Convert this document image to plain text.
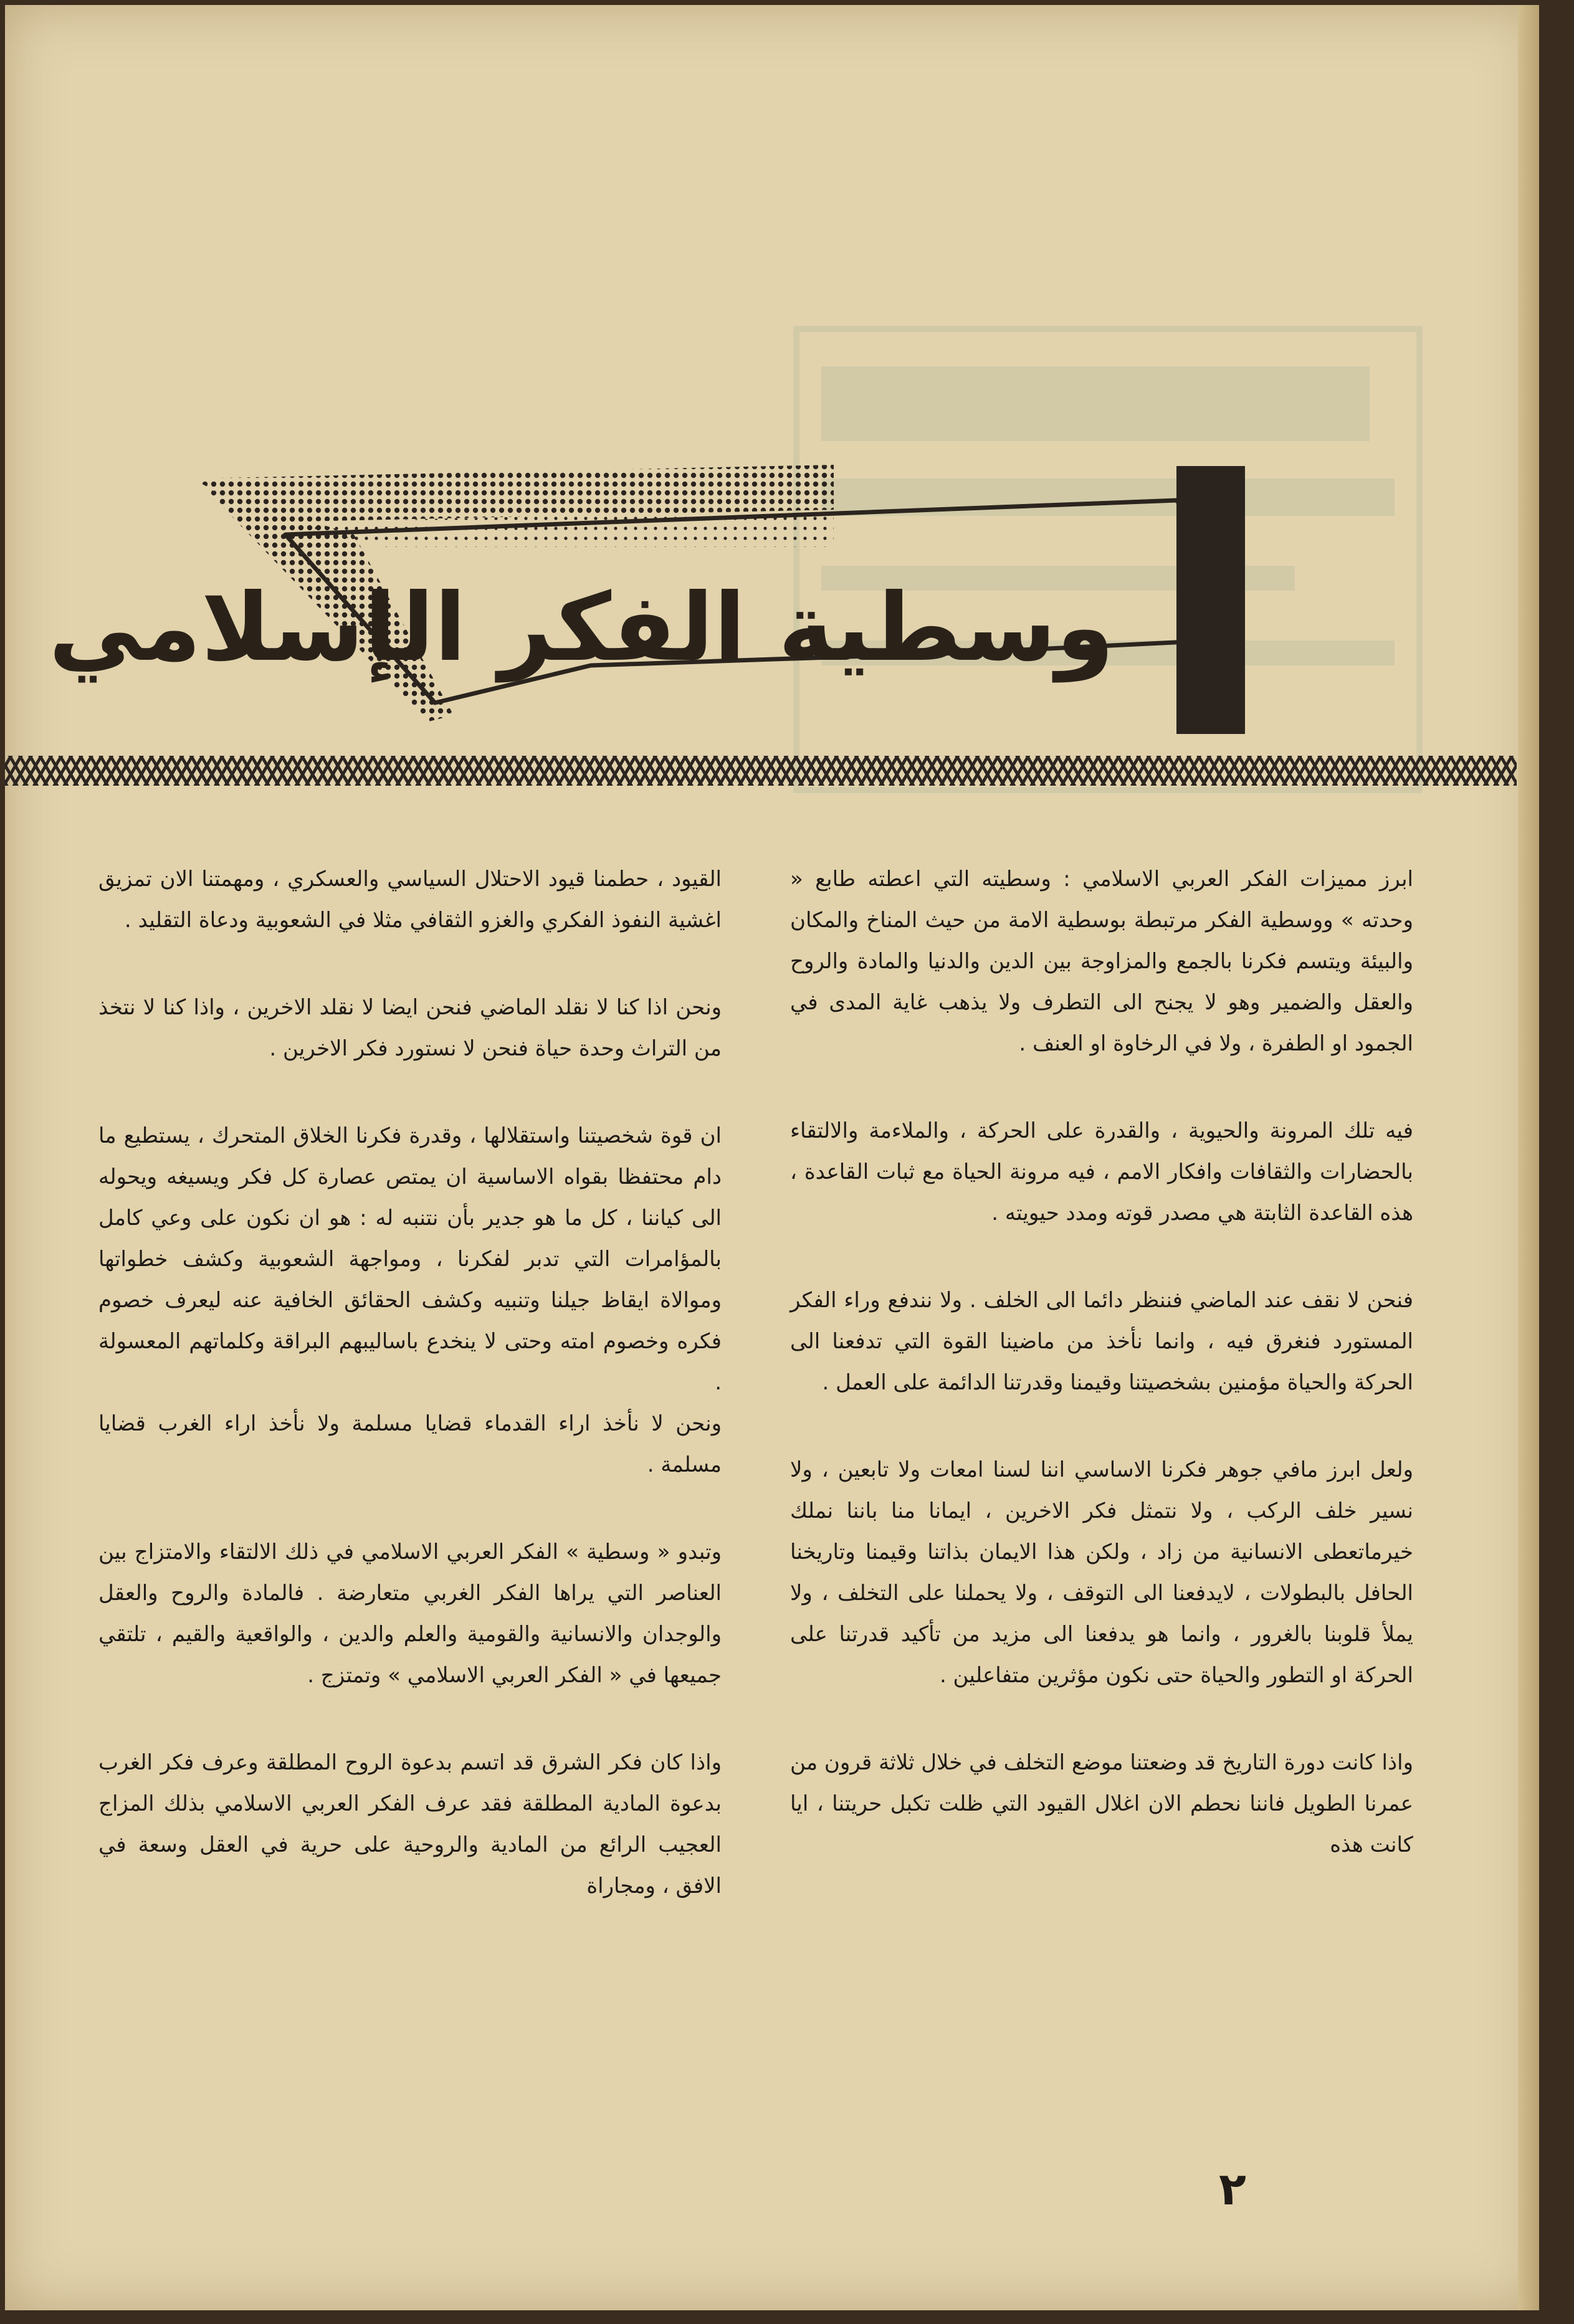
وسطية الفكر الإسلامي

ابرز مميزات الفكر العربي الاسلامي : وسطيته التي اعطته طابع « وحدته » ووسطية الفكر مرتبطة بوسطية الامة من حيث المناخ والمكان والبيئة ويتسم فكرنا بالجمع والمزاوجة بين الدين والدنيا والمادة والروح والعقل والضمير وهو لا يجنح الى التطرف ولا يذهب غاية المدى في الجمود او الطفرة ، ولا في الرخاوة او العنف .

فيه تلك المرونة والحيوية ، والقدرة على الحركة ، والملاءمة والالتقاء بالحضارات والثقافات وافكار الامم ، فيه مرونة الحياة مع ثبات القاعدة ، هذه القاعدة الثابتة هي مصدر قوته ومدد حيويته .

فنحن لا نقف عند الماضي فننظر دائما الى الخلف . ولا نندفع وراء الفكر المستورد فنغرق فيه ، وانما نأخذ من ماضينا القوة التي تدفعنا الى الحركة والحياة مؤمنين بشخصيتنا وقيمنا وقدرتنا الدائمة على العمل .

ولعل ابرز مافي جوهر فكرنا الاساسي اننا لسنا امعات ولا تابعين ، ولا نسير خلف الركب ، ولا نتمثل فكر الاخرين ، ايمانا منا باننا نملك خيرماتعطى الانسانية من زاد ، ولكن هذا الايمان بذاتنا وقيمنا وتاريخنا الحافل بالبطولات ، لايدفعنا الى التوقف ، ولا يحملنا على التخلف ، ولا يملأ قلوبنا بالغرور ، وانما هو يدفعنا الى مزيد من تأكيد قدرتنا على الحركة او التطور والحياة حتى نكون مؤثرين متفاعلين .

واذا كانت دورة التاريخ قد وضعتنا موضع التخلف في خلال ثلاثة قرون من عمرنا الطويل فاننا نحطم الان اغلال القيود التي ظلت تكبل حريتنا ، ايا كانت هذه

القيود ، حطمنا قيود الاحتلال السياسي والعسكري ، ومهمتنا الان تمزيق اغشية النفوذ الفكري والغزو الثقافي مثلا في الشعوبية ودعاة التقليد .

ونحن اذا كنا لا نقلد الماضي فنحن ايضا لا نقلد الاخرين ، واذا كنا لا نتخذ من التراث وحدة حياة فنحن لا نستورد فكر الاخرين .

ان قوة شخصيتنا واستقلالها ، وقدرة فكرنا الخلاق المتحرك ، يستطيع ما دام محتفظا بقواه الاساسية ان يمتص عصارة كل فكر ويسيغه ويحوله الى كياننا ، كل ما هو جدير بأن نتنبه له : هو ان نكون على وعي كامل بالمؤامرات التي تدبر لفكرنا ، ومواجهة الشعوبية وكشف خطواتها وموالاة ايقاظ جيلنا وتنبيه وكشف الحقائق الخافية عنه ليعرف خصوم فكره وخصوم امته وحتى لا ينخدع باساليبهم البراقة وكلماتهم المعسولة .

ونحن لا نأخذ اراء القدماء قضايا مسلمة ولا نأخذ اراء الغرب قضايا مسلمة .

وتبدو « وسطية » الفكر العربي الاسلامي في ذلك الالتقاء والامتزاج بين العناصر التي يراها الفكر الغربي متعارضة . فالمادة والروح والعقل والوجدان والانسانية والقومية والعلم والدين ، والواقعية والقيم ، تلتقي جميعها في « الفكر العربي الاسلامي » وتمتزج .

واذا كان فكر الشرق قد اتسم بدعوة الروح المطلقة وعرف فكر الغرب بدعوة المادية المطلقة فقد عرف الفكر العربي الاسلامي بذلك المزاج العجيب الرائع من المادية والروحية على حرية في العقل وسعة في الافق ، ومجاراة

٢
